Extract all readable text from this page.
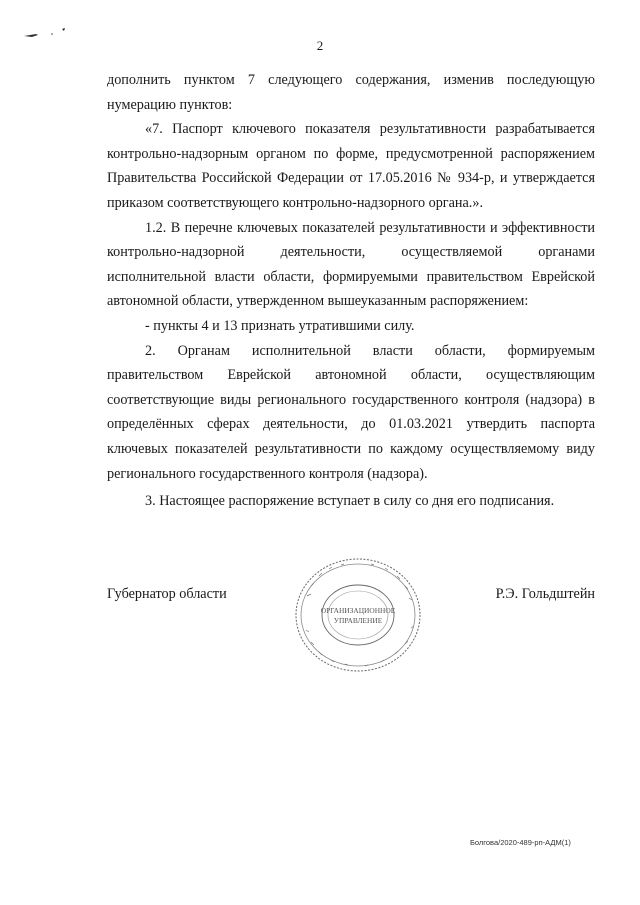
2

дополнить пунктом 7 следующего содержания, изменив последующую нумерацию пунктов:

«7. Паспорт ключевого показателя результативности разрабатывается контрольно-надзорным органом по форме, предусмотренной распоряжением Правительства Российской Федерации от 17.05.2016 № 934-р, и утверждается приказом соответствующего контрольно-надзорного органа.».

1.2. В перечне ключевых показателей результативности и эффективности контрольно-надзорной деятельности, осуществляемой органами исполнительной власти области, формируемыми правительством Еврейской автономной области, утвержденном вышеуказанным распоряжением:

- пункты 4 и 13 признать утратившими силу.

2. Органам исполнительной власти области, формируемым правительством Еврейской автономной области, осуществляющим соответствующие виды регионального государственного контроля (надзора) в определённых сферах деятельности, до 01.03.2021 утвердить паспорта ключевых показателей результативности по каждому осуществляемому виду регионального государственного контроля (надзора).

3. Настоящее распоряжение вступает в силу со дня его подписания.

Губернатор области	Р.Э. Гольдштейн
ОРГАНИЗАЦИОННОЕ
УПРАВЛЕНИЕ
Болгова/2020-489-рп-АДМ(1)
